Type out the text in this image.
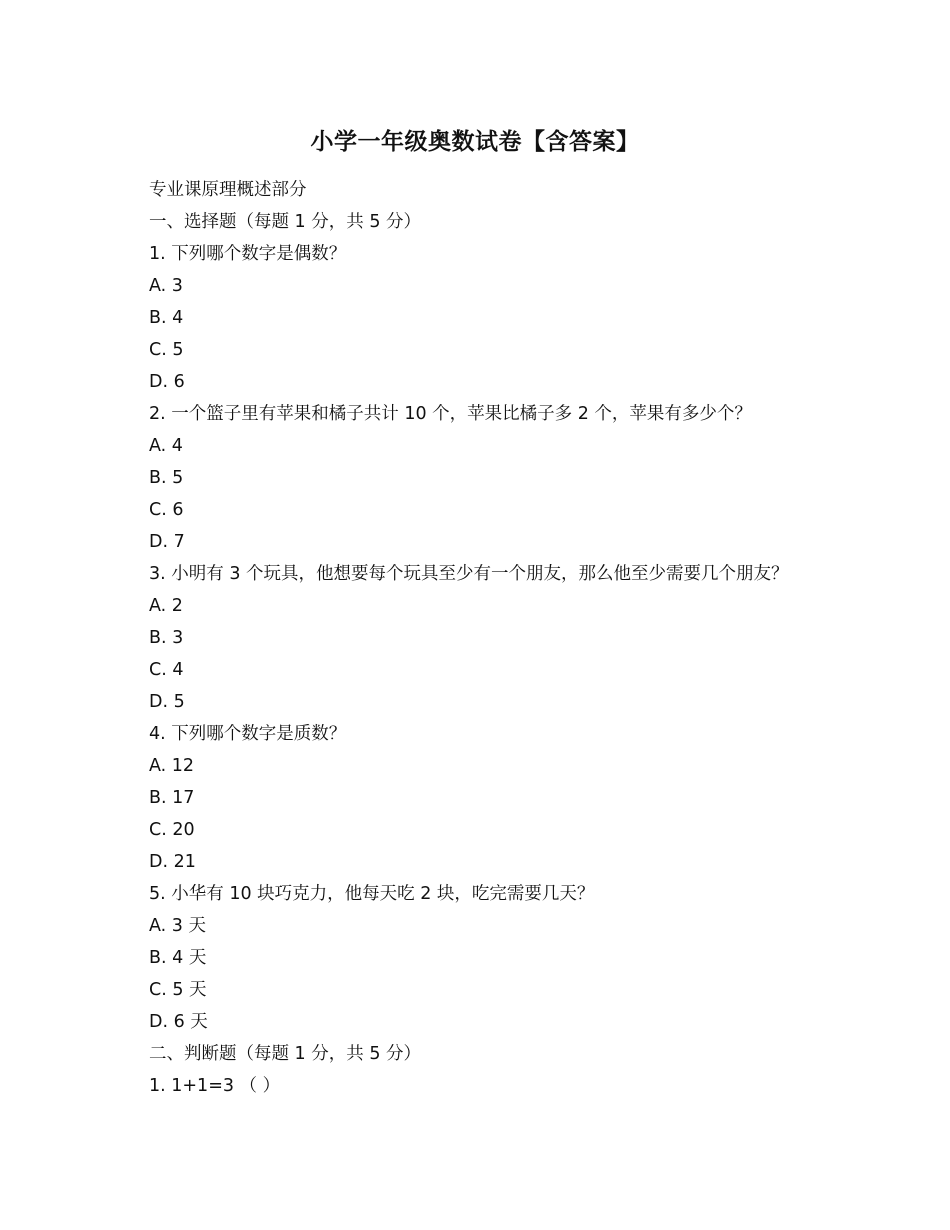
小学一年级奥数试卷【含答案】
专业课原理概述部分
一、选择题（每题 1 分，共 5 分）
1. 下列哪个数字是偶数？
A. 3
B. 4
C. 5
D. 6
2. 一个篮子里有苹果和橘子共计 10 个，苹果比橘子多 2 个，苹果有多少个？
A. 4
B. 5
C. 6
D. 7
3. 小明有 3 个玩具，他想要每个玩具至少有一个朋友，那么他至少需要几个朋友？
A. 2
B. 3
C. 4
D. 5
4. 下列哪个数字是质数？
A. 12
B. 17
C. 20
D. 21
5. 小华有 10 块巧克力，他每天吃 2 块，吃完需要几天？
A. 3 天
B. 4 天
C. 5 天
D. 6 天
二、判断题（每题 1 分，共 5 分）
1. 1+1=3 （ ）
